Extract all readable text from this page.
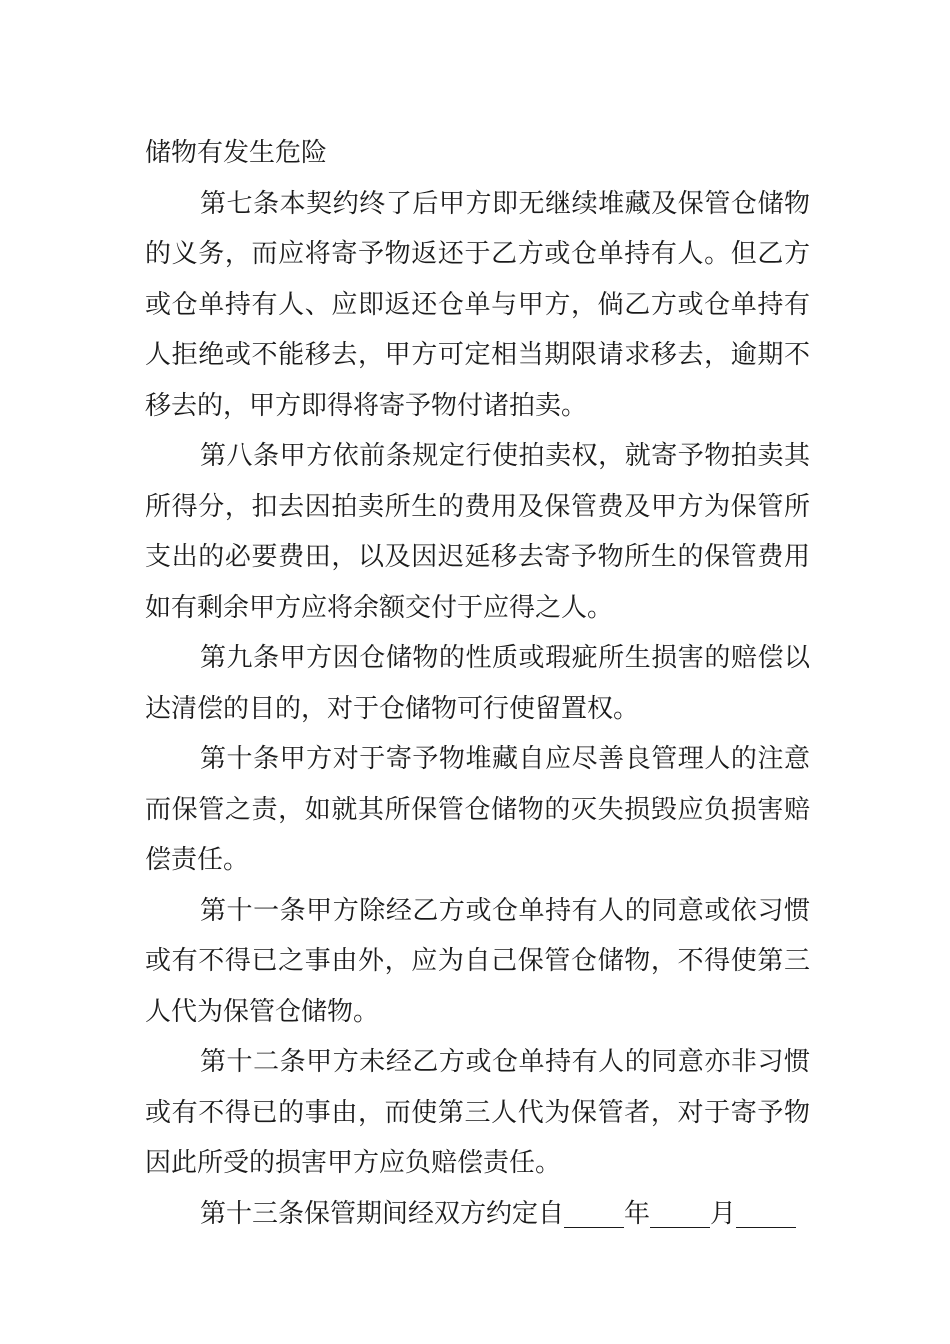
储物有发生危险
第七条本契约终了后甲方即无继续堆藏及保管仓储物
的义务，而应将寄予物返还于乙方或仓单持有人。但乙方
或仓单持有人、应即返还仓单与甲方，倘乙方或仓单持有
人拒绝或不能移去，甲方可定相当期限请求移去，逾期不
移去的，甲方即得将寄予物付诸拍卖。
第八条甲方依前条规定行使拍卖权，就寄予物拍卖其
所得分，扣去因拍卖所生的费用及保管费及甲方为保管所
支出的必要费田，以及因迟延移去寄予物所生的保管费用
如有剩余甲方应将余额交付于应得之人。
第九条甲方因仓储物的性质或瑕疵所生损害的赔偿以
达清偿的目的，对于仓储物可行使留置权。
第十条甲方对于寄予物堆藏自应尽善良管理人的注意
而保管之责，如就其所保管仓储物的灭失损毁应负损害赔
偿责任。
第十一条甲方除经乙方或仓单持有人的同意或依习惯
或有不得已之事由外，应为自己保管仓储物，不得使第三
人代为保管仓储物。
第十二条甲方未经乙方或仓单持有人的同意亦非习惯
或有不得已的事由，而使第三人代为保管者，对于寄予物
因此所受的损害甲方应负赔偿责任。
第十三条保管期间经双方约定自 年 月
